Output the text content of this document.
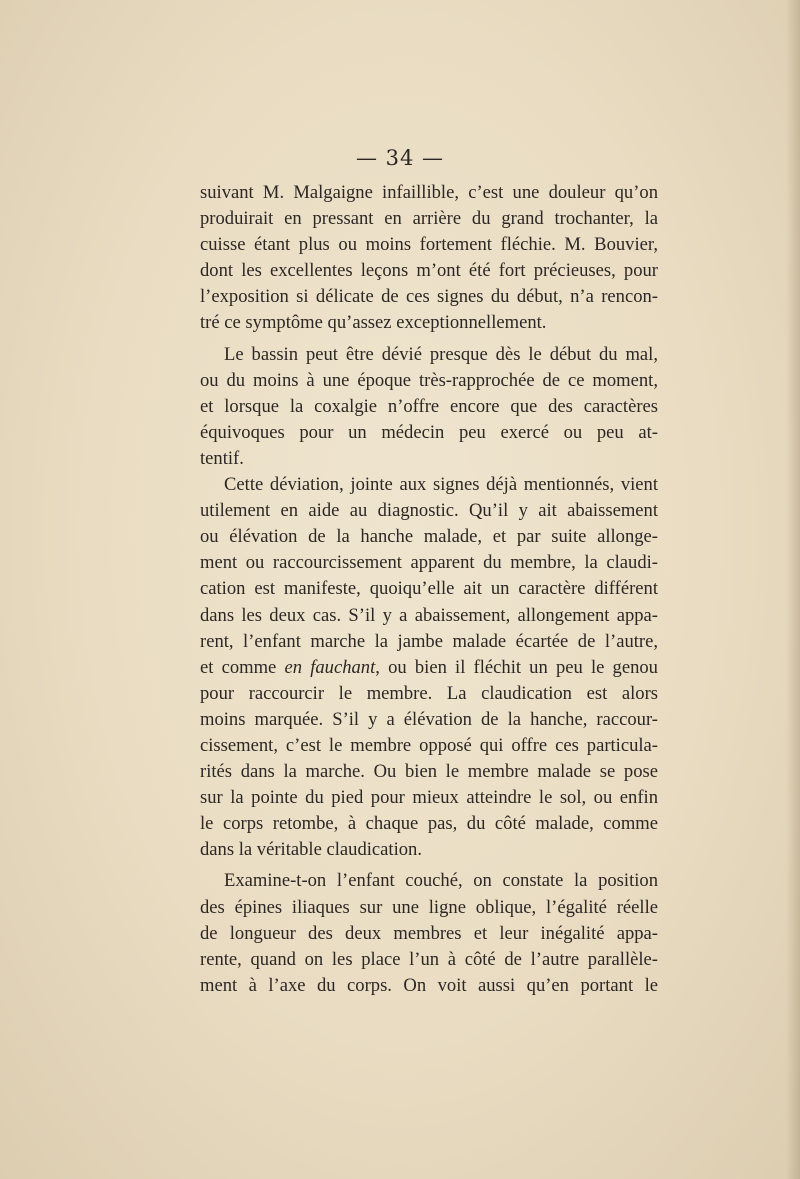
— 34 —
suivant M. Malgaigne infaillible, c’est une douleur qu’on
produirait en pressant en arrière du grand trochanter, la
cuisse étant plus ou moins fortement fléchie. M. Bouvier,
dont les excellentes leçons m’ont été fort précieuses, pour
l’exposition si délicate de ces signes du début, n’a rencon-
tré ce symptôme qu’assez exceptionnellement.
Le bassin peut être dévié presque dès le début du mal,
ou du moins à une époque très-rapprochée de ce moment,
et lorsque la coxalgie n’offre encore que des caractères
équivoques pour un médecin peu exercé ou peu at-
tentif.
Cette déviation, jointe aux signes déjà mentionnés, vient
utilement en aide au diagnostic. Qu’il y ait abaissement
ou élévation de la hanche malade, et par suite allonge-
ment ou raccourcissement apparent du membre, la claudi-
cation est manifeste, quoiqu’elle ait un caractère différent
dans les deux cas. S’il y a abaissement, allongement appa-
rent, l’enfant marche la jambe malade écartée de l’autre,
et comme en fauchant, ou bien il fléchit un peu le genou
pour raccourcir le membre. La claudication est alors
moins marquée. S’il y a élévation de la hanche, raccour-
cissement, c’est le membre opposé qui offre ces particula-
rités dans la marche. Ou bien le membre malade se pose
sur la pointe du pied pour mieux atteindre le sol, ou enfin
le corps retombe, à chaque pas, du côté malade, comme
dans la véritable claudication.
Examine-t-on l’enfant couché, on constate la position
des épines iliaques sur une ligne oblique, l’égalité réelle
de longueur des deux membres et leur inégalité appa-
rente, quand on les place l’un à côté de l’autre parallèle-
ment à l’axe du corps. On voit aussi qu’en portant le
